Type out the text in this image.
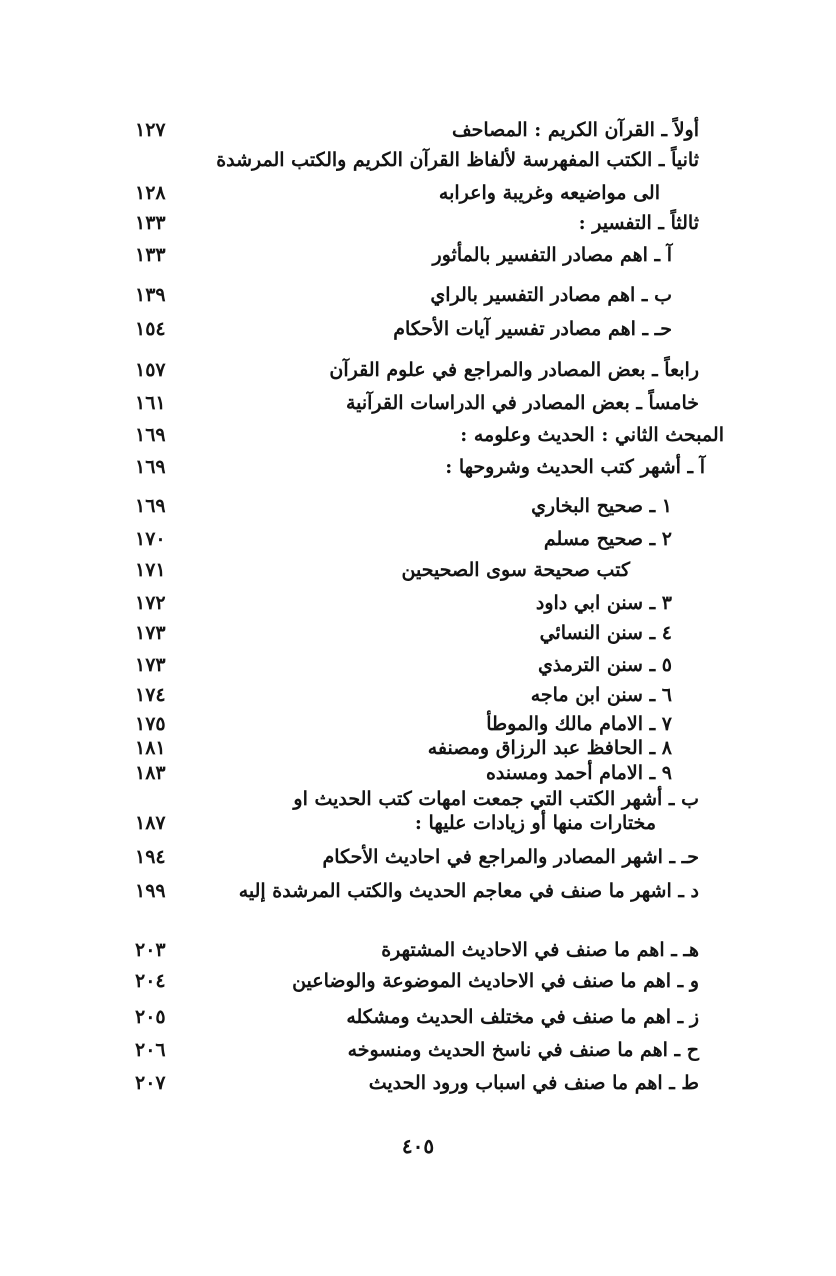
أولاً ـ القرآن الكريم : المصاحف
١٢٧
ثانياً ـ الكتب المفهرسة لألفاظ القرآن الكريم والكتب المرشدة
الى مواضيعه وغريبة واعرابه
١٢٨
ثالثاً ـ التفسير :
١٣٣
آ ـ اهم مصادر التفسير بالمأثور
١٣٣
ب ـ اهم مصادر التفسير بالراي
١٣٩
حـ ـ اهم مصادر تفسير آيات الأحكام
١٥٤
رابعاً ـ بعض المصادر والمراجع في علوم القرآن
١٥٧
خامساً ـ بعض المصادر في الدراسات القرآنية
١٦١
المبحث الثاني : الحديث وعلومه :
١٦٩
آ ـ أشهر كتب الحديث وشروحها :
١٦٩
١ ـ صحيح البخاري
١٦٩
٢ ـ صحيح مسلم
١٧٠
كتب صحيحة سوى الصحيحين
١٧١
٣ ـ سنن ابي داود
١٧٢
٤ ـ سنن النسائي
١٧٣
٥ ـ سنن الترمذي
١٧٣
٦ ـ سنن ابن ماجه
١٧٤
٧ ـ الامام مالك والموطأ
١٧٥
٨ ـ الحافظ عبد الرزاق ومصنفه
١٨١
٩ ـ الامام أحمد ومسنده
١٨٣
ب ـ أشهر الكتب التي جمعت امهات كتب الحديث او
مختارات منها أو زيادات عليها :
١٨٧
حـ ـ اشهر المصادر والمراجع في احاديث الأحكام
١٩٤
د ـ اشهر ما صنف في معاجم الحديث والكتب المرشدة إليه
١٩٩
هـ ـ اهم ما صنف في الاحاديث المشتهرة
٢٠٣
و ـ اهم ما صنف في الاحاديث الموضوعة والوضاعين
٢٠٤
ز ـ اهم ما صنف في مختلف الحديث ومشكله
٢٠٥
ح ـ اهم ما صنف في ناسخ الحديث ومنسوخه
٢٠٦
ط ـ اهم ما صنف في اسباب ورود الحديث
٢٠٧
٤٠٥
